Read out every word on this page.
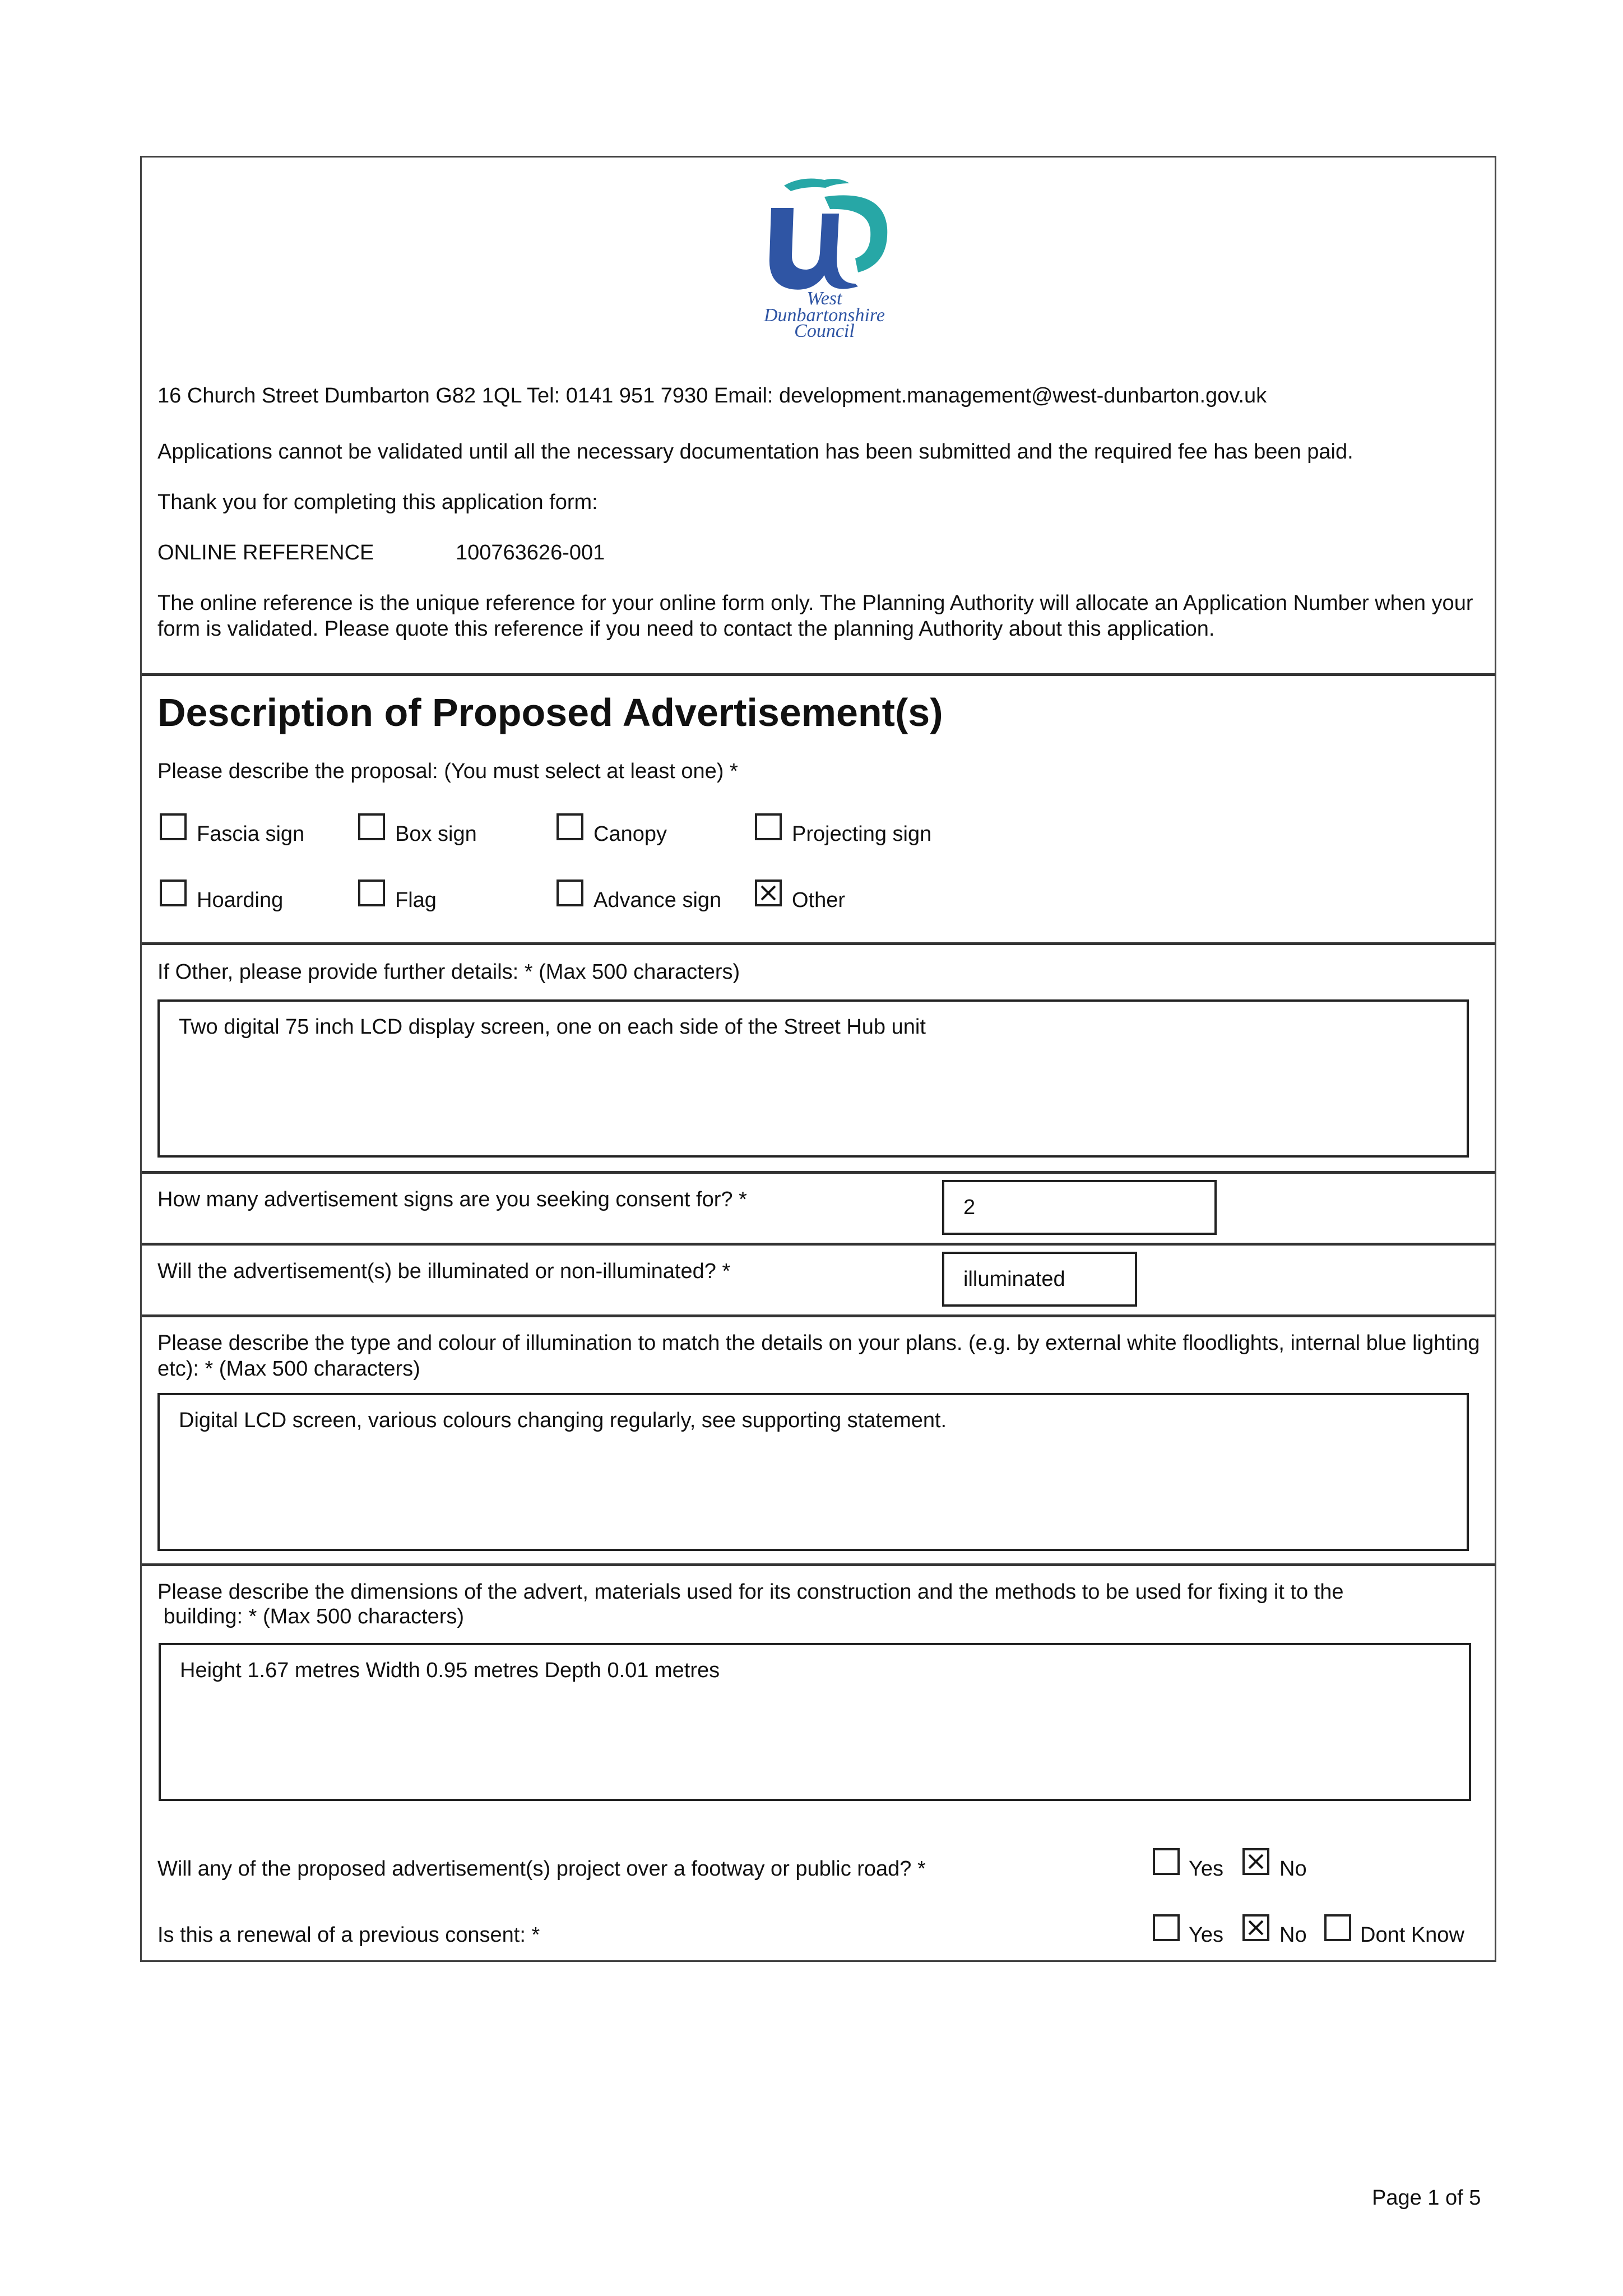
West
Dunbartonshire
Council
16 Church Street Dumbarton G82 1QL Tel: 0141 951 7930 Email: development.management@west-dunbarton.gov.uk
Applications cannot be validated until all the necessary documentation has been submitted and the required fee has been paid.
Thank you for completing this application form:
ONLINE REFERENCE	100763626-001
The online reference is the unique reference for your online form only. The Planning Authority will allocate an Application Number when your form is validated. Please quote this reference if you need to contact the planning Authority about this application.
Description of Proposed Advertisement(s)
Please describe the proposal: (You must select at least one) *
Fascia sign	Box sign	Canopy	Projecting sign
Hoarding	Flag	Advance sign	Other
If Other, please provide further details: * (Max 500 characters)
Two digital 75 inch LCD display screen, one on each side of the Street Hub unit
How many advertisement signs are you seeking consent for? *	2
Will the advertisement(s) be illuminated or non-illuminated? *	illuminated
Please describe the type and colour of illumination to match the details on your plans. (e.g. by external white floodlights, internal blue lighting etc): * (Max 500 characters)
Digital LCD screen, various colours changing regularly, see supporting statement.
Please describe the dimensions of the advert, materials used for its construction and the methods to be used for fixing it to the
building: * (Max 500 characters)
Height 1.67 metres Width 0.95 metres Depth 0.01 metres
Will any of the proposed advertisement(s) project over a footway or public road? *	Yes	No
Is this a renewal of a previous consent: *	Yes	No	Dont Know
Page 1 of 5
